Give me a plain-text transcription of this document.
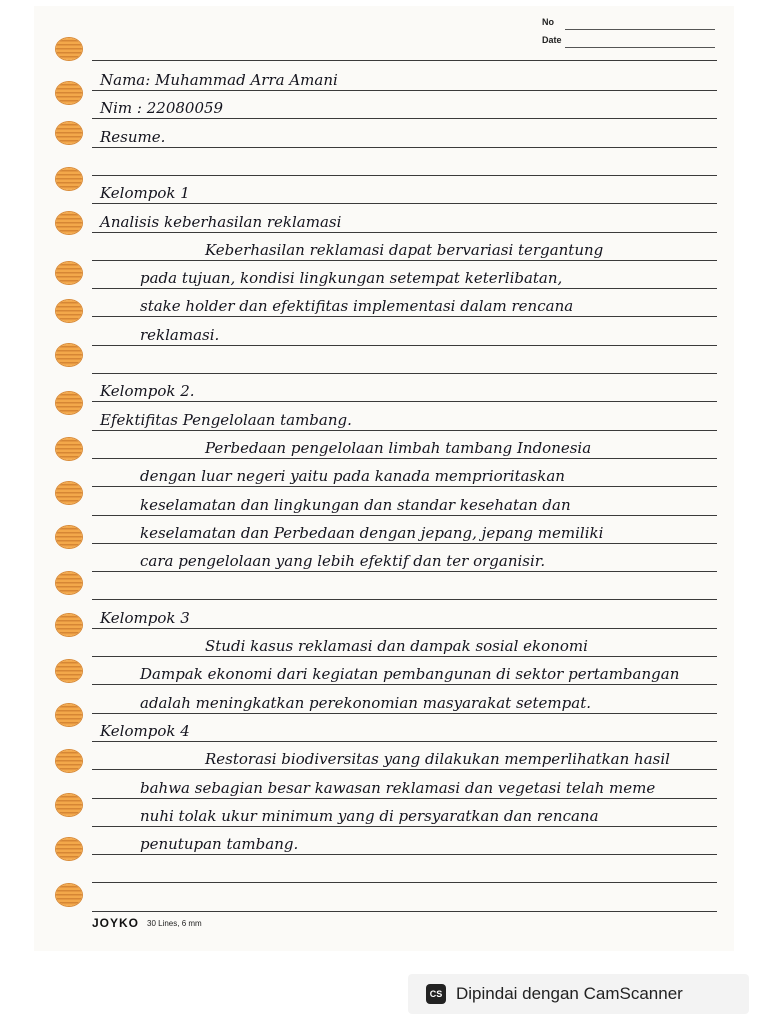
No
Date
Nama: Muhammad Arra Amani
Nim : 22080059
Resume.
Kelompok 1
Analisis keberhasilan reklamasi
Keberhasilan reklamasi dapat bervariasi tergantung
pada tujuan, kondisi lingkungan setempat keterlibatan,
stake holder dan efektifitas implementasi dalam rencana
reklamasi.
Kelompok 2.
Efektifitas Pengelolaan tambang.
Perbedaan pengelolaan limbah tambang Indonesia
dengan luar negeri yaitu pada kanada memprioritaskan
keselamatan dan lingkungan dan standar kesehatan dan
keselamatan dan Perbedaan dengan jepang, jepang memiliki
cara pengelolaan yang lebih efektif dan ter organisir.
Kelompok 3
Studi kasus reklamasi dan dampak sosial ekonomi
Dampak ekonomi dari kegiatan pembangunan di sektor pertambangan
adalah meningkatkan perekonomian masyarakat setempat.
Kelompok 4
Restorasi biodiversitas yang dilakukan memperlihatkan hasil
bahwa sebagian besar kawasan reklamasi dan vegetasi telah meme
nuhi tolak ukur minimum yang di persyaratkan dan rencana
penutupan tambang.
JOYKO 30 Lines, 6 mm
CS Dipindai dengan CamScanner
